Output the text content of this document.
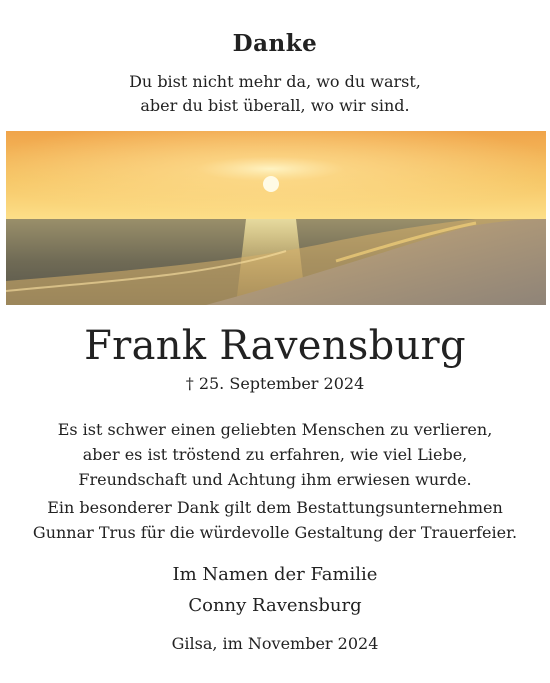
Danke
Du bist nicht mehr da, wo du warst,
aber du bist überall, wo wir sind.
Frank Ravensburg
† 25. September 2024
Es ist schwer einen geliebten Menschen zu verlieren,
aber es ist tröstend zu erfahren, wie viel Liebe,
Freundschaft und Achtung ihm erwiesen wurde.
Ein besonderer Dank gilt dem Bestattungsunternehmen
Gunnar Trus für die würdevolle Gestaltung der Trauerfeier.
Im Namen der Familie
Conny Ravensburg
Gilsa, im November 2024
